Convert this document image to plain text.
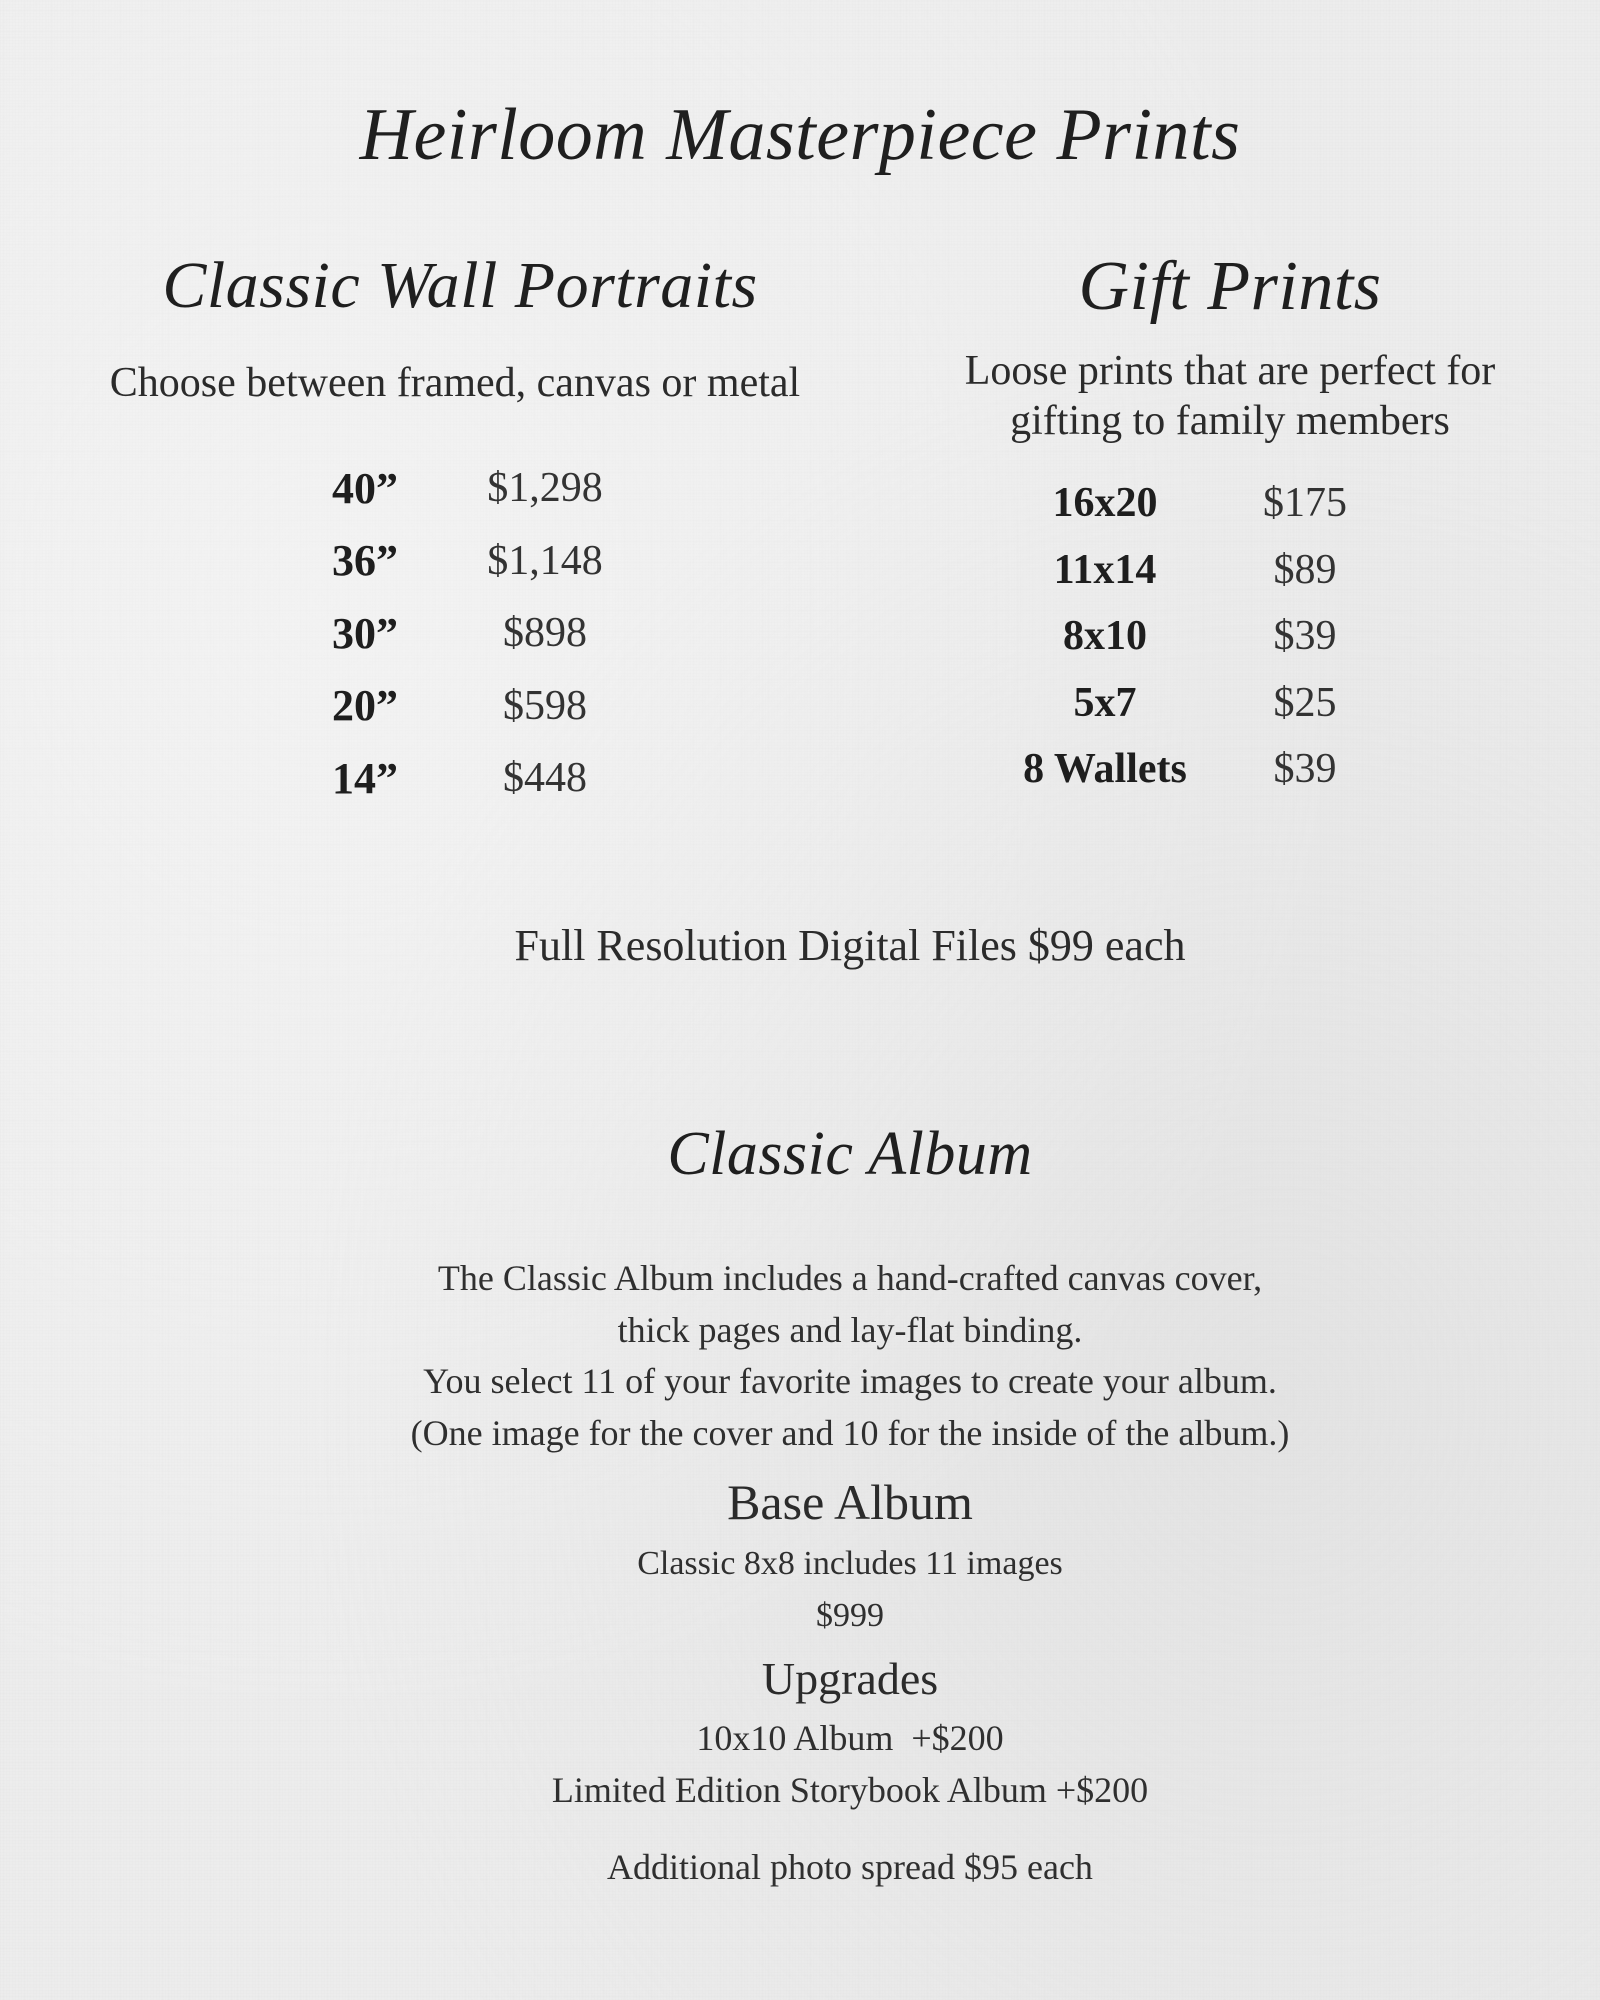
Heirloom Masterpiece Prints
Classic Wall Portraits
Choose between framed, canvas or metal
40”	$1,298
36”	$1,148
30”	$898
20”	$598
14”	$448
Gift Prints
Loose prints that are perfect for
gifting to family members
16x20	$175
11x14	$89
8x10	$39
5x7	$25
8 Wallets	$39
Full Resolution Digital Files $99 each
Classic Album
The Classic Album includes a hand-crafted canvas cover,
thick pages and lay-flat binding.
You select 11 of your favorite images to create your album.
(One image for the cover and 10 for the inside of the album.)
Base Album
Classic 8x8 includes 11 images
$999
Upgrades
10x10 Album  +$200
Limited Edition Storybook Album +$200
Additional photo spread $95 each
